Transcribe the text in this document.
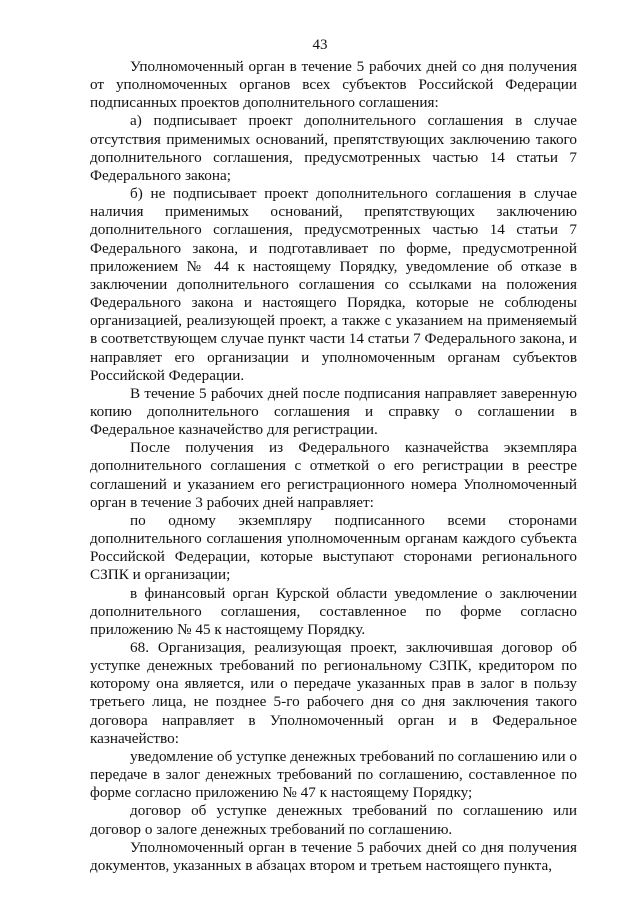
43

Уполномоченный орган в течение 5 рабочих дней со дня получения от уполномоченных органов всех субъектов Российской Федерации подписанных проектов дополнительного соглашения:

а) подписывает проект дополнительного соглашения в случае отсутствия применимых оснований, препятствующих заключению такого дополнительного соглашения, предусмотренных частью 14 статьи 7 Федерального закона;

б) не подписывает проект дополнительного соглашения в случае наличия применимых оснований, препятствующих заключению дополнительного соглашения, предусмотренных частью 14 статьи 7 Федерального закона, и подготавливает по форме, предусмотренной приложением № 44 к настоящему Порядку, уведомление об отказе в заключении дополнительного соглашения со ссылками на положения Федерального закона и настоящего Порядка, которые не соблюдены организацией, реализующей проект, а также с указанием на применяемый в соответствующем случае пункт части 14 статьи 7 Федерального закона, и направляет его организации и уполномоченным органам субъектов Российской Федерации.

В течение 5 рабочих дней после подписания направляет заверенную копию дополнительного соглашения и справку о соглашении в Федеральное казначейство для регистрации.

После получения из Федерального казначейства экземпляра дополнительного соглашения с отметкой о его регистрации в реестре соглашений и указанием его регистрационного номера Уполномоченный орган в течение 3 рабочих дней направляет:

по одному экземпляру подписанного всеми сторонами дополнительного соглашения уполномоченным органам каждого субъекта Российской Федерации, которые выступают сторонами регионального СЗПК и организации;

в финансовый орган Курской области уведомление о заключении дополнительного соглашения, составленное по форме согласно приложению № 45 к настоящему Порядку.

68. Организация, реализующая проект, заключившая договор об уступке денежных требований по региональному СЗПК, кредитором по которому она является, или о передаче указанных прав в залог в пользу третьего лица, не позднее 5-го рабочего дня со дня заключения такого договора направляет в Уполномоченный орган и в Федеральное казначейство:

уведомление об уступке денежных требований по соглашению или о передаче в залог денежных требований по соглашению, составленное по форме согласно приложению № 47 к настоящему Порядку;

договор об уступке денежных требований по соглашению или договор о залоге денежных требований по соглашению.

Уполномоченный орган в течение 5 рабочих дней со дня получения документов, указанных в абзацах втором и третьем настоящего пункта,
